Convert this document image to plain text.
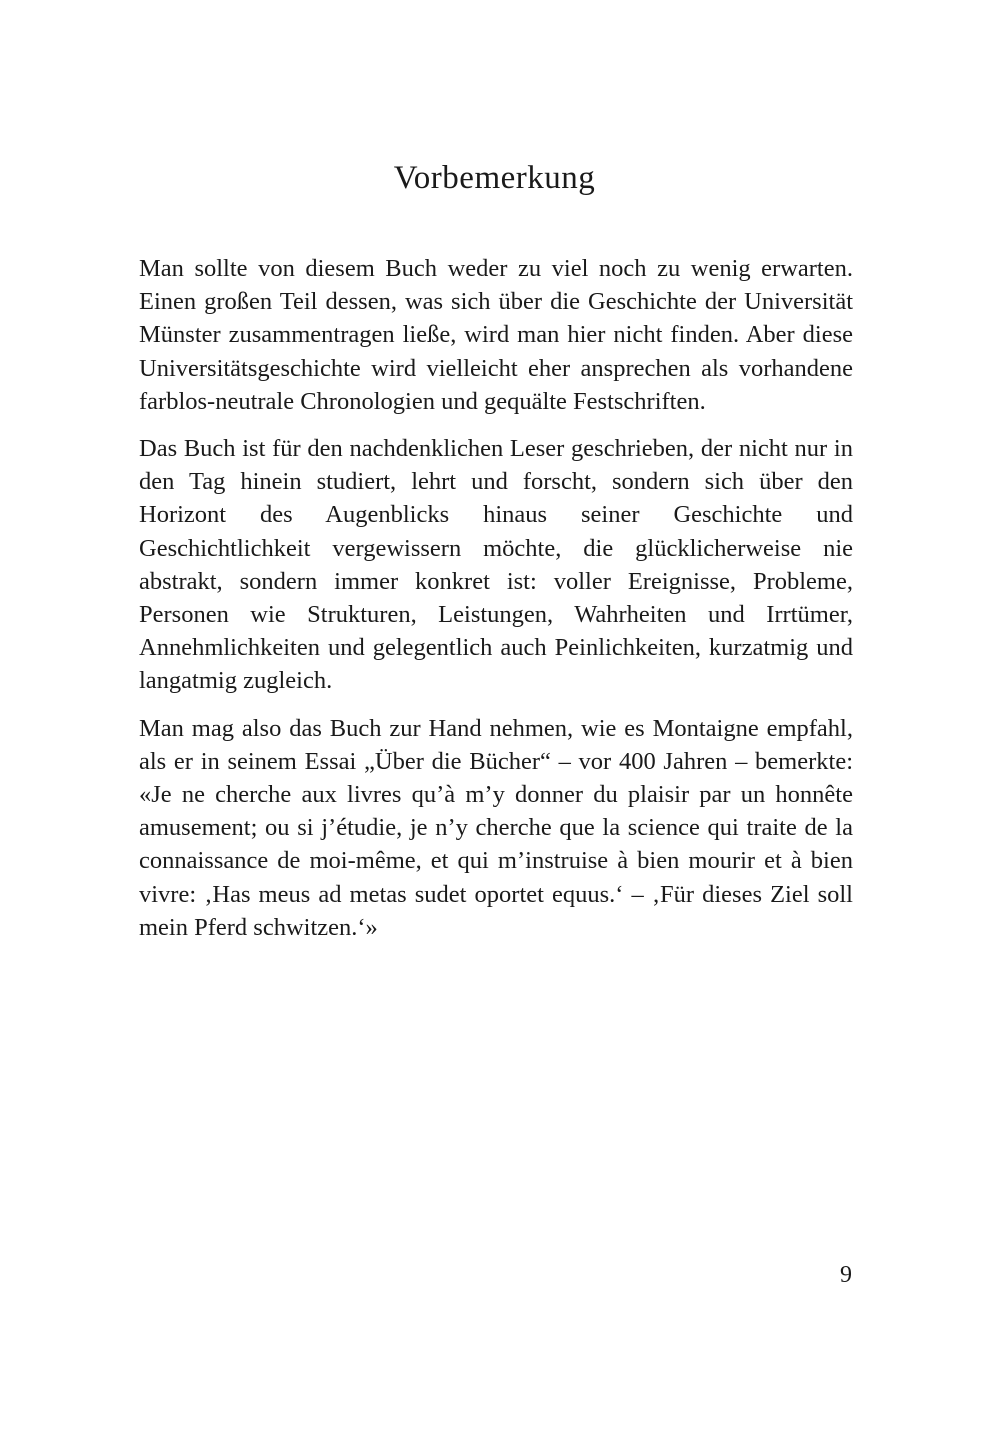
Vorbemerkung

Man sollte von diesem Buch weder zu viel noch zu wenig erwarten. Einen großen Teil dessen, was sich über die Geschichte der Universität Münster zusammentragen ließe, wird man hier nicht finden. Aber diese Universitätsgeschichte wird vielleicht eher ansprechen als vorhandene farblos-neutrale Chronologien und gequälte Festschriften.

Das Buch ist für den nachdenklichen Leser geschrieben, der nicht nur in den Tag hinein studiert, lehrt und forscht, sondern sich über den Horizont des Augenblicks hinaus seiner Geschichte und Geschichtlichkeit vergewissern möchte, die glücklicherweise nie abstrakt, sondern immer konkret ist: voller Ereignisse, Probleme, Personen wie Strukturen, Leistungen, Wahrheiten und Irrtümer, Annehmlichkeiten und gelegentlich auch Peinlichkeiten, kurzatmig und langatmig zugleich.

Man mag also das Buch zur Hand nehmen, wie es Montaigne empfahl, als er in seinem Essai „Über die Bücher“ – vor 400 Jahren – bemerkte: «Je ne cherche aux livres qu’à m’y donner du plaisir par un honnête amusement; ou si j’étudie, je n’y cherche que la science qui traite de la connaissance de moi-même, et qui m’instruise à bien mourir et à bien vivre: ‚Has meus ad metas sudet oportet equus.‘ – ‚Für dieses Ziel soll mein Pferd schwitzen.‘»

9
